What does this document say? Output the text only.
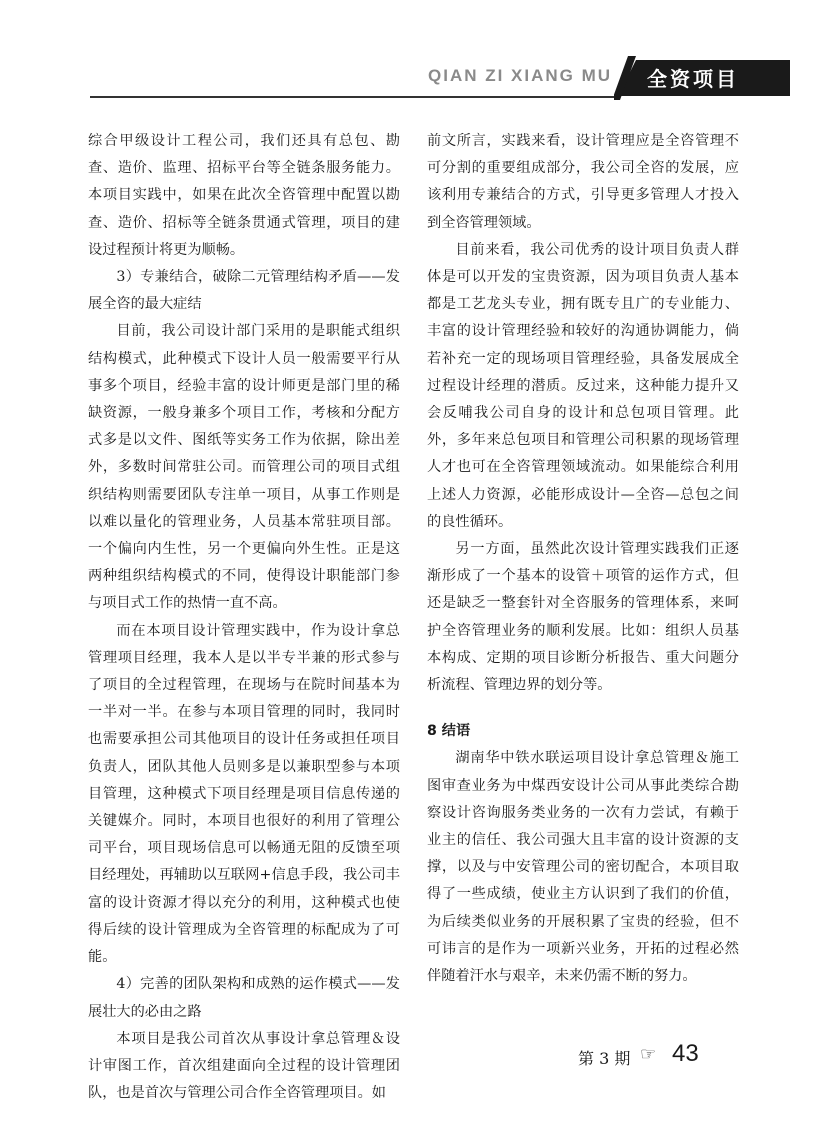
QIAN ZI XIANG MU 全资项目

综合甲级设计工程公司，我们还具有总包、勘查、造价、监理、招标平台等全链条服务能力。本项目实践中，如果在此次全咨管理中配置以勘查、造价、招标等全链条贯通式管理，项目的建设过程预计将更为顺畅。

3）专兼结合，破除二元管理结构矛盾——发展全咨的最大症结

目前，我公司设计部门采用的是职能式组织结构模式，此种模式下设计人员一般需要平行从事多个项目，经验丰富的设计师更是部门里的稀缺资源，一般身兼多个项目工作，考核和分配方式多是以文件、图纸等实务工作为依据，除出差外，多数时间常驻公司。而管理公司的项目式组织结构则需要团队专注单一项目，从事工作则是以难以量化的管理业务，人员基本常驻项目部。一个偏向内生性，另一个更偏向外生性。正是这两种组织结构模式的不同，使得设计职能部门参与项目式工作的热情一直不高。

而在本项目设计管理实践中，作为设计拿总管理项目经理，我本人是以半专半兼的形式参与了项目的全过程管理，在现场与在院时间基本为一半对一半。在参与本项目管理的同时，我同时也需要承担公司其他项目的设计任务或担任项目负责人，团队其他人员则多是以兼职型参与本项目管理，这种模式下项目经理是项目信息传递的关键媒介。同时，本项目也很好的利用了管理公司平台，项目现场信息可以畅通无阻的反馈至项目经理处，再辅助以互联网+信息手段，我公司丰富的设计资源才得以充分的利用，这种模式也使得后续的设计管理成为全咨管理的标配成为了可能。

4）完善的团队架构和成熟的运作模式——发展壮大的必由之路

本项目是我公司首次从事设计拿总管理＆设计审图工作，首次组建面向全过程的设计管理团队，也是首次与管理公司合作全咨管理项目。如

前文所言，实践来看，设计管理应是全咨管理不可分割的重要组成部分，我公司全咨的发展，应该利用专兼结合的方式，引导更多管理人才投入到全咨管理领域。

目前来看，我公司优秀的设计项目负责人群体是可以开发的宝贵资源，因为项目负责人基本都是工艺龙头专业，拥有既专且广的专业能力、丰富的设计管理经验和较好的沟通协调能力，倘若补充一定的现场项目管理经验，具备发展成全过程设计经理的潜质。反过来，这种能力提升又会反哺我公司自身的设计和总包项目管理。此外，多年来总包项目和管理公司积累的现场管理人才也可在全咨管理领域流动。如果能综合利用上述人力资源，必能形成设计—全咨—总包之间的良性循环。

另一方面，虽然此次设计管理实践我们正逐渐形成了一个基本的设管＋项管的运作方式，但还是缺乏一整套针对全咨服务的管理体系，来呵护全咨管理业务的顺利发展。比如：组织人员基本构成、定期的项目诊断分析报告、重大问题分析流程、管理边界的划分等。

8 结语

湖南华中铁水联运项目设计拿总管理＆施工图审查业务为中煤西安设计公司从事此类综合勘察设计咨询服务类业务的一次有力尝试，有赖于业主的信任、我公司强大且丰富的设计资源的支撑，以及与中安管理公司的密切配合，本项目取得了一些成绩，使业主方认识到了我们的价值，为后续类似业务的开展积累了宝贵的经验，但不可讳言的是作为一项新兴业务，开拓的过程必然伴随着汗水与艰辛，未来仍需不断的努力。

第 3 期 ☞ 43
